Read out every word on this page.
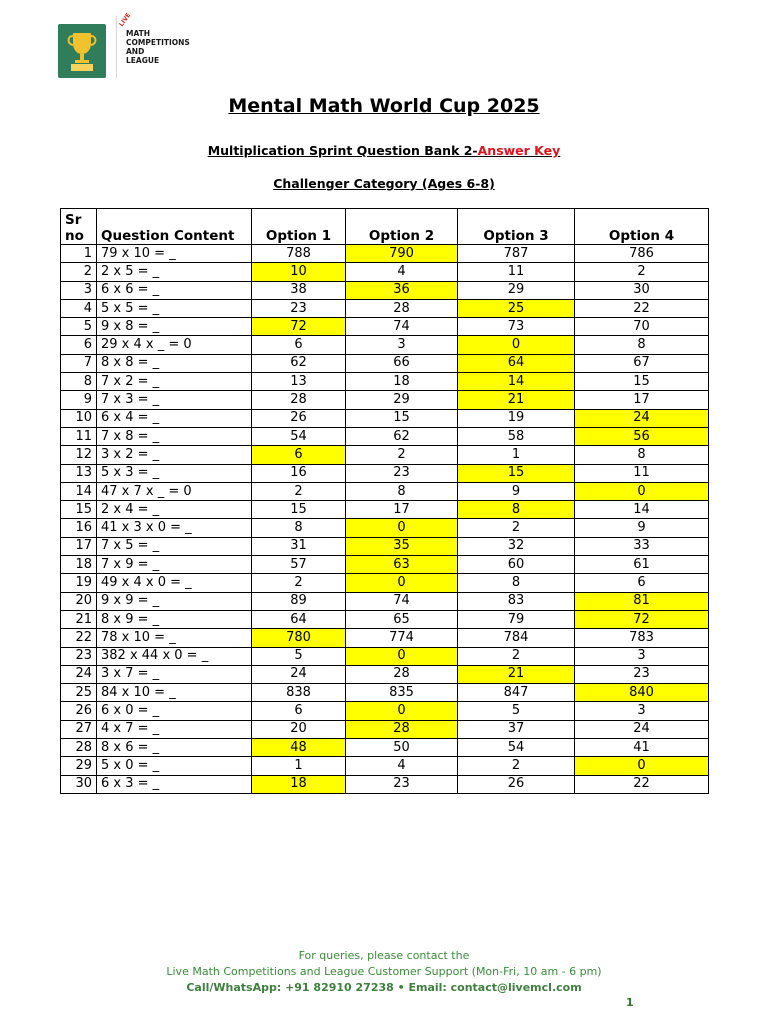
LIVE
MATH
COMPETITIONS
AND
LEAGUE
Mental Math World Cup 2025
Multiplication Sprint Question Bank 2-Answer Key
Challenger Category (Ages 6-8)
Sr
no	Question Content	Option 1	Option 2	Option 3	Option 4
1	79 x 10 = _	788	790	787	786
2	2 x 5 = _	10	4	11	2
3	6 x 6 = _	38	36	29	30
4	5 x 5 = _	23	28	25	22
5	9 x 8 = _	72	74	73	70
6	29 x 4 x _ = 0	6	3	0	8
7	8 x 8 = _	62	66	64	67
8	7 x 2 = _	13	18	14	15
9	7 x 3 = _	28	29	21	17
10	6 x 4 = _	26	15	19	24
11	7 x 8 = _	54	62	58	56
12	3 x 2 = _	6	2	1	8
13	5 x 3 = _	16	23	15	11
14	47 x 7 x _ = 0	2	8	9	0
15	2 x 4 = _	15	17	8	14
16	41 x 3 x 0 = _	8	0	2	9
17	7 x 5 = _	31	35	32	33
18	7 x 9 = _	57	63	60	61
19	49 x 4 x 0 = _	2	0	8	6
20	9 x 9 = _	89	74	83	81
21	8 x 9 = _	64	65	79	72
22	78 x 10 = _	780	774	784	783
23	382 x 44 x 0 = _	5	0	2	3
24	3 x 7 = _	24	28	21	23
25	84 x 10 = _	838	835	847	840
26	6 x 0 = _	6	0	5	3
27	4 x 7 = _	20	28	37	24
28	8 x 6 = _	48	50	54	41
29	5 x 0 = _	1	4	2	0
30	6 x 3 = _	18	23	26	22
For queries, please contact the
Live Math Competitions and League Customer Support (Mon-Fri, 10 am - 6 pm)
Call/WhatsApp: +91 82910 27238 • Email: contact@livemcl.com
1
